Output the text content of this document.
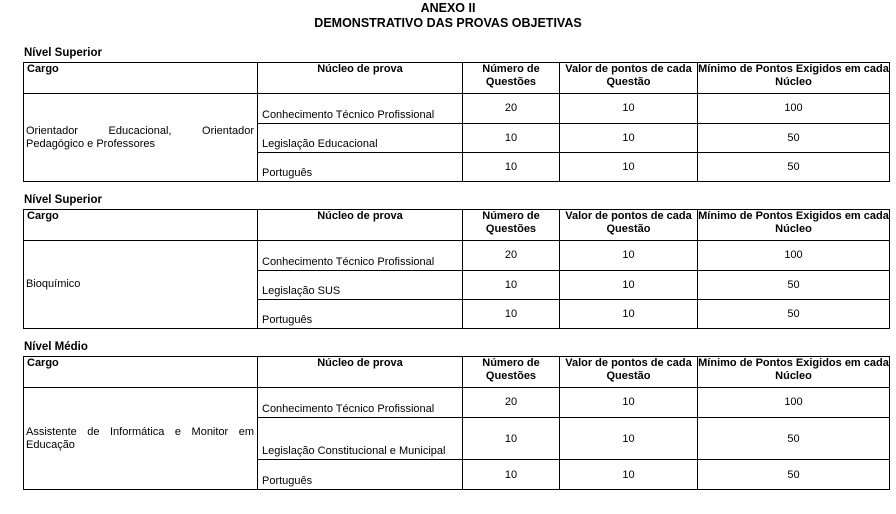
ANEXO II
DEMONSTRATIVO DAS PROVAS OBJETIVAS
Nível Superior
Cargo	Núcleo de prova	Número de Questões	Valor de pontos de cada Questão	Mínimo de Pontos Exigidos em cada Núcleo
Orientador Educacional, Orientador Pedagógico e Professores	Conhecimento Técnico Profissional	20	10	100
	Legislação Educacional	10	10	50
	Português	10	10	50
Nível Superior
Cargo	Núcleo de prova	Número de Questões	Valor de pontos de cada Questão	Mínimo de Pontos Exigidos em cada Núcleo
Bioquímico	Conhecimento Técnico Profissional	20	10	100
	Legislação SUS	10	10	50
	Português	10	10	50
Nível Médio
Cargo	Núcleo de prova	Número de Questões	Valor de pontos de cada Questão	Mínimo de Pontos Exigidos em cada Núcleo
Assistente de Informática e Monitor em Educação	Conhecimento Técnico Profissional	20	10	100
	Legislação Constitucional e Municipal	10	10	50
	Português	10	10	50
